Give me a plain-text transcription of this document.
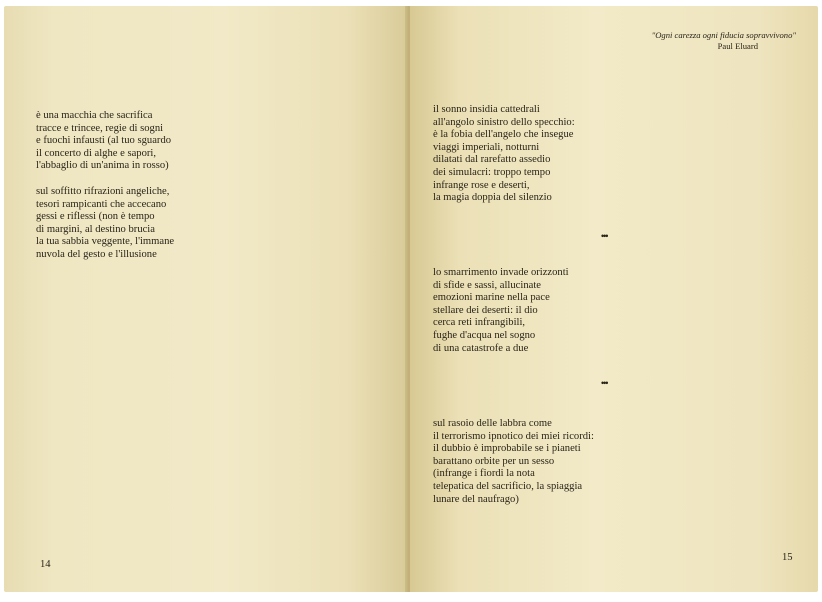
è una macchia che sacrifica
tracce e trincee, regie di sogni
e fuochi infausti (al tuo sguardo
il concerto di alghe e sapori,
l'abbaglio di un'anima in rosso)
sul soffitto rifrazioni angeliche,
tesori rampicanti che accecano
gessi e riflessi (non è tempo
di margini, al destino brucia
la tua sabbia veggente, l'immane
nuvola del gesto e l'illusione
14
"Ogni carezza ogni fiducia sopravvivono"
Paul Eluard
il sonno insidia cattedrali
all'angolo sinistro dello specchio:
è la fobia dell'angelo che insegue
viaggi imperiali, notturni
dilatati dal rarefatto assedio
dei simulacri: troppo tempo
infrange rose e deserti,
la magia doppia del silenzio
•••
lo smarrimento invade orizzonti
di sfide e sassi, allucinate
emozioni marine nella pace
stellare dei deserti: il dio
cerca reti infrangibili,
fughe d'acqua nel sogno
di una catastrofe a due
•••
sul rasoio delle labbra come
il terrorismo ipnotico dei miei ricordi:
il dubbio è improbabile se i pianeti
barattano orbite per un sesso
(infrange i fiordi la nota
telepatica del sacrificio, la spiaggia
lunare del naufrago)
15
